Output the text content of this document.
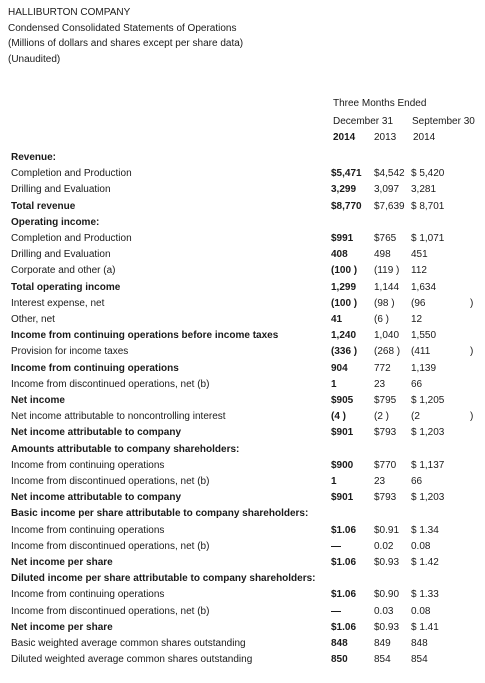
HALLIBURTON COMPANY
Condensed Consolidated Statements of Operations
(Millions of dollars and shares except per share data)
(Unaudited)
Three Months Ended
December 31 September 30
2014 2013 2014
Revenue:
Completion and Production	$5,471 $4,542 $ 5,420
Drilling and Evaluation	3,299 3,097 3,281
Total revenue	$8,770 $7,639 $ 8,701
Operating income:
Completion and Production	$991 $765 $ 1,071
Drilling and Evaluation	408	498 451
Corporate and other (a)	(100 ) (119 ) 112
Total operating income	1,299 1,144 1,634
Interest expense, net	(100 ) (98 ) (96	)
Other, net	41	(6 ) 12
Income from continuing operations before income taxes	1,240 1,040 1,550
Provision for income taxes	(336 ) (268 ) (411	)
Income from continuing operations	904	772 1,139
Income from discontinued operations, net (b)	1	23	66
Net income	$905 $795 $ 1,205
Net income attributable to noncontrolling interest	(4 )	(2 ) (2	)
Net income attributable to company	$901 $793 $ 1,203
Amounts attributable to company shareholders:
Income from continuing operations	$900 $770 $ 1,137
Income from discontinued operations, net (b)	1	23	66
Net income attributable to company	$901 $793 $ 1,203
Basic income per share attributable to company shareholders:
Income from continuing operations	$1.06 $0.91 $ 1.34
Income from discontinued operations, net (b)	—	0.02 0.08
Net income per share	$1.06 $0.93 $ 1.42
Diluted income per share attributable to company shareholders:
Income from continuing operations	$1.06 $0.90 $ 1.33
Income from discontinued operations, net (b)	—	0.03 0.08
Net income per share	$1.06 $0.93 $ 1.41
Basic weighted average common shares outstanding	848	849 848
Diluted weighted average common shares outstanding	850	854 854
